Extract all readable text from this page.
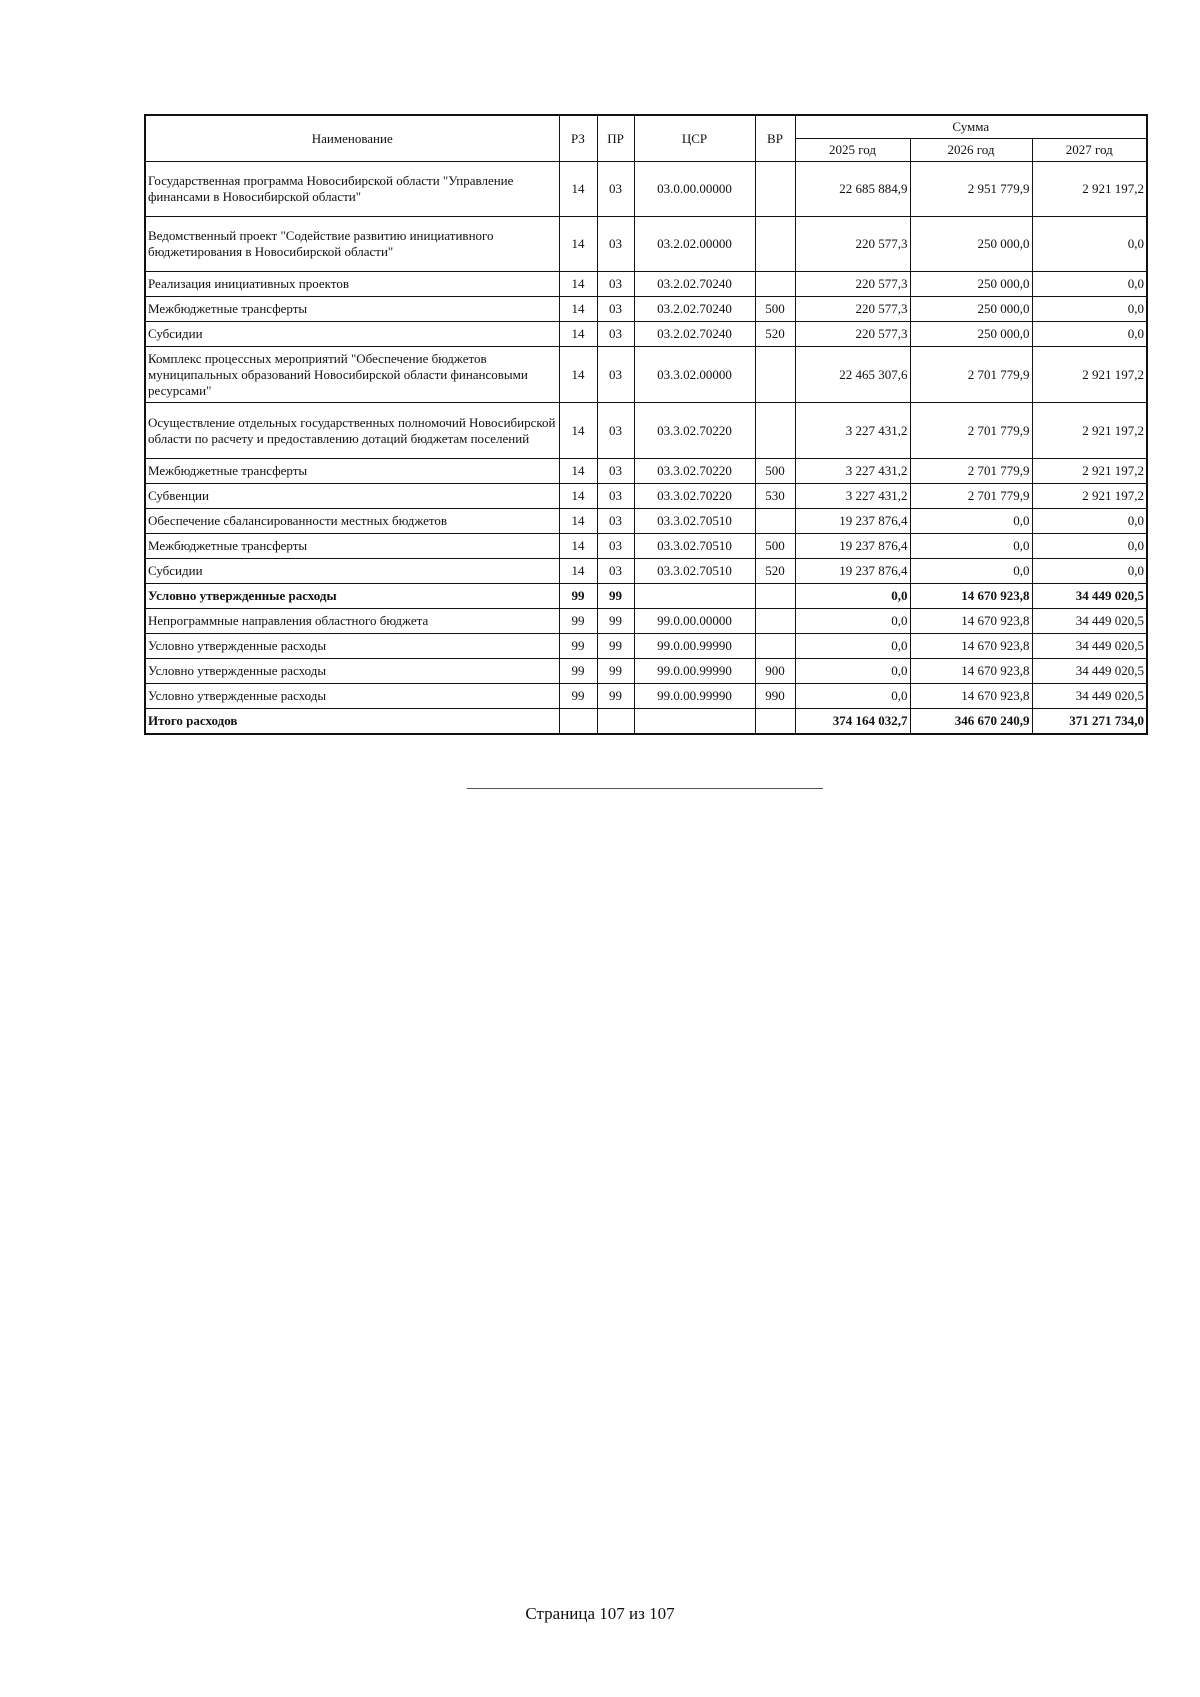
Наименование	РЗ	ПР	ЦСР	ВР	Сумма		
					2025 год	2026 год	2027 год
Государственная программа Новосибирской области "Управление финансами в Новосибирской области"	14	03	03.0.00.00000		22 685 884,9	2 951 779,9	2 921 197,2
Ведомственный проект "Содействие развитию инициативного бюджетирования в Новосибирской области"	14	03	03.2.02.00000		220 577,3	250 000,0	0,0
Реализация инициативных проектов	14	03	03.2.02.70240		220 577,3	250 000,0	0,0
Межбюджетные трансферты	14	03	03.2.02.70240	500	220 577,3	250 000,0	0,0
Субсидии	14	03	03.2.02.70240	520	220 577,3	250 000,0	0,0
Комплекс процессных мероприятий "Обеспечение бюджетов муниципальных образований Новосибирской области финансовыми ресурсами"	14	03	03.3.02.00000		22 465 307,6	2 701 779,9	2 921 197,2
Осуществление отдельных государственных полномочий Новосибирской области по расчету и предоставлению дотаций бюджетам поселений	14	03	03.3.02.70220		3 227 431,2	2 701 779,9	2 921 197,2
Межбюджетные трансферты	14	03	03.3.02.70220	500	3 227 431,2	2 701 779,9	2 921 197,2
Субвенции	14	03	03.3.02.70220	530	3 227 431,2	2 701 779,9	2 921 197,2
Обеспечение сбалансированности местных бюджетов	14	03	03.3.02.70510		19 237 876,4	0,0	0,0
Межбюджетные трансферты	14	03	03.3.02.70510	500	19 237 876,4	0,0	0,0
Субсидии	14	03	03.3.02.70510	520	19 237 876,4	0,0	0,0
Условно утвержденные расходы	99	99			0,0	14 670 923,8	34 449 020,5
Непрограммные направления областного бюджета	99	99	99.0.00.00000		0,0	14 670 923,8	34 449 020,5
Условно утвержденные расходы	99	99	99.0.00.99990		0,0	14 670 923,8	34 449 020,5
Условно утвержденные расходы	99	99	99.0.00.99990	900	0,0	14 670 923,8	34 449 020,5
Условно утвержденные расходы	99	99	99.0.00.99990	990	0,0	14 670 923,8	34 449 020,5
Итого расходов					374 164 032,7	346 670 240,9	371 271 734,0
Страница 107 из 107
